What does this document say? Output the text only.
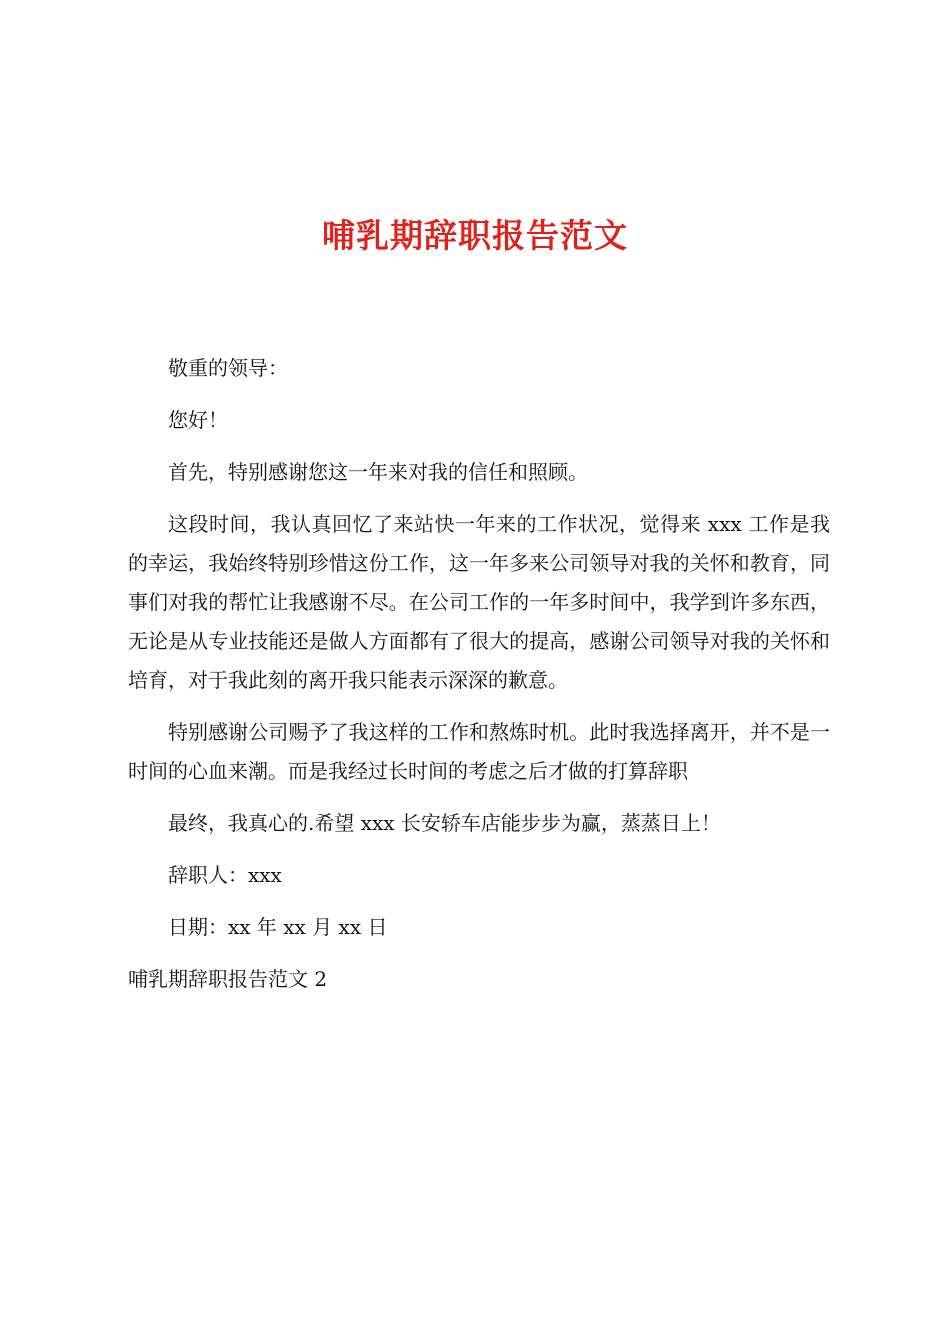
哺乳期辞职报告范文

敬重的领导：

您好！

首先，特别感谢您这一年来对我的信任和照顾。

这段时间，我认真回忆了来站快一年来的工作状况，觉得来 xxx 工作是我的幸运，我始终特别珍惜这份工作，这一年多来公司领导对我的关怀和教育，同事们对我的帮忙让我感谢不尽。在公司工作的一年多时间中，我学到许多东西，无论是从专业技能还是做人方面都有了很大的提高，感谢公司领导对我的关怀和培育，对于我此刻的离开我只能表示深深的歉意。

特别感谢公司赐予了我这样的工作和熬炼时机。此时我选择离开，并不是一时间的心血来潮。而是我经过长时间的考虑之后才做的打算辞职

最终，我真心的.希望 xxx 长安轿车店能步步为赢，蒸蒸日上！

辞职人：xxx

日期：xx 年 xx 月 xx 日

哺乳期辞职报告范文 2
